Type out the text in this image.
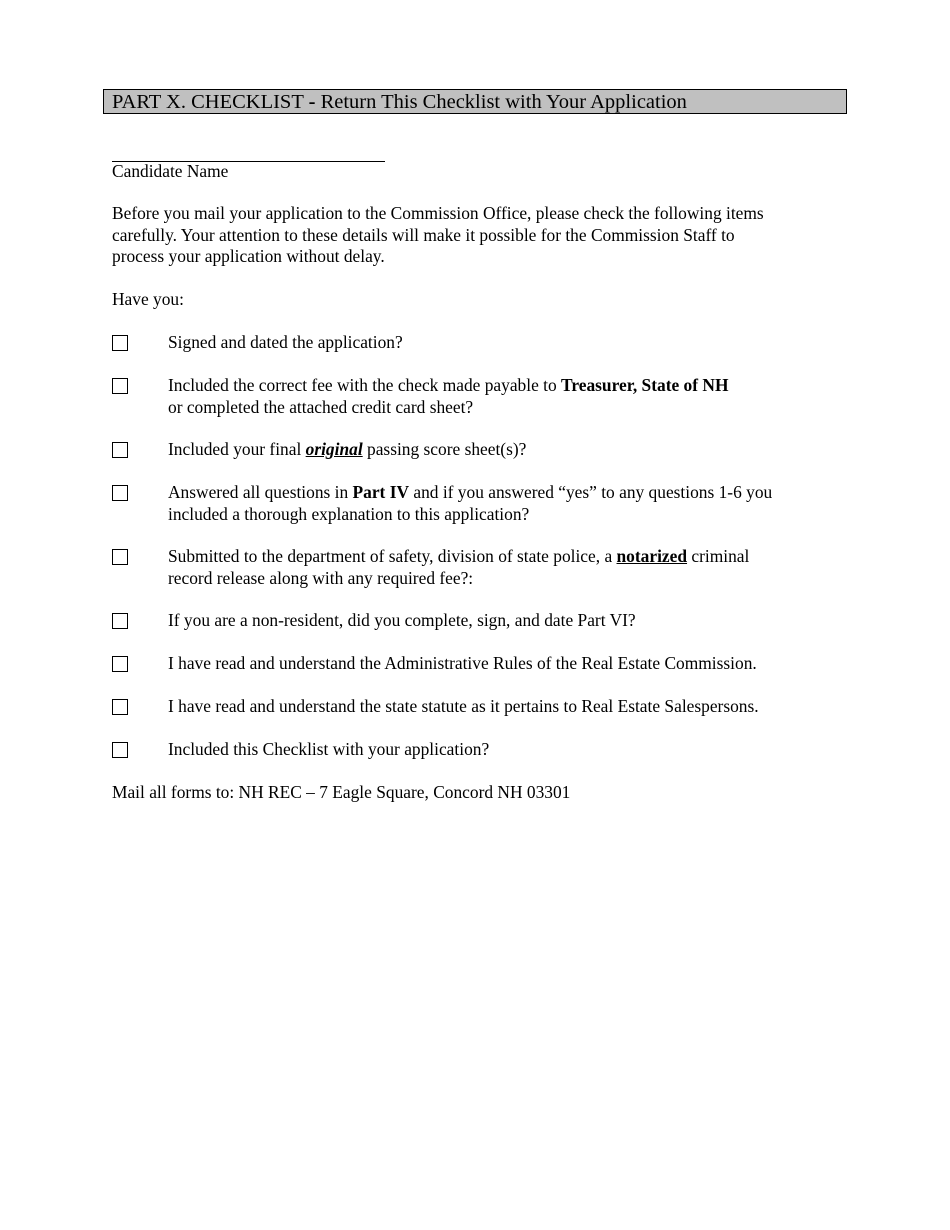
PART X. CHECKLIST - Return This Checklist with Your Application
Candidate Name
Before you mail your application to the Commission Office, please check the following items
carefully. Your attention to these details will make it possible for the Commission Staff to
process your application without delay.
Have you:
Signed and dated the application?
Included the correct fee with the check made payable to Treasurer, State of NH
or completed the attached credit card sheet?
Included your final original passing score sheet(s)?
Answered all questions in Part IV and if you answered “yes” to any questions 1-6 you
included a thorough explanation to this application?
Submitted to the department of safety, division of state police, a notarized criminal
record release along with any required fee?:
If you are a non-resident, did you complete, sign, and date Part VI?
I have read and understand the Administrative Rules of the Real Estate Commission.
I have read and understand the state statute as it pertains to Real Estate Salespersons.
Included this Checklist with your application?
Mail all forms to: NH REC – 7 Eagle Square, Concord NH 03301
